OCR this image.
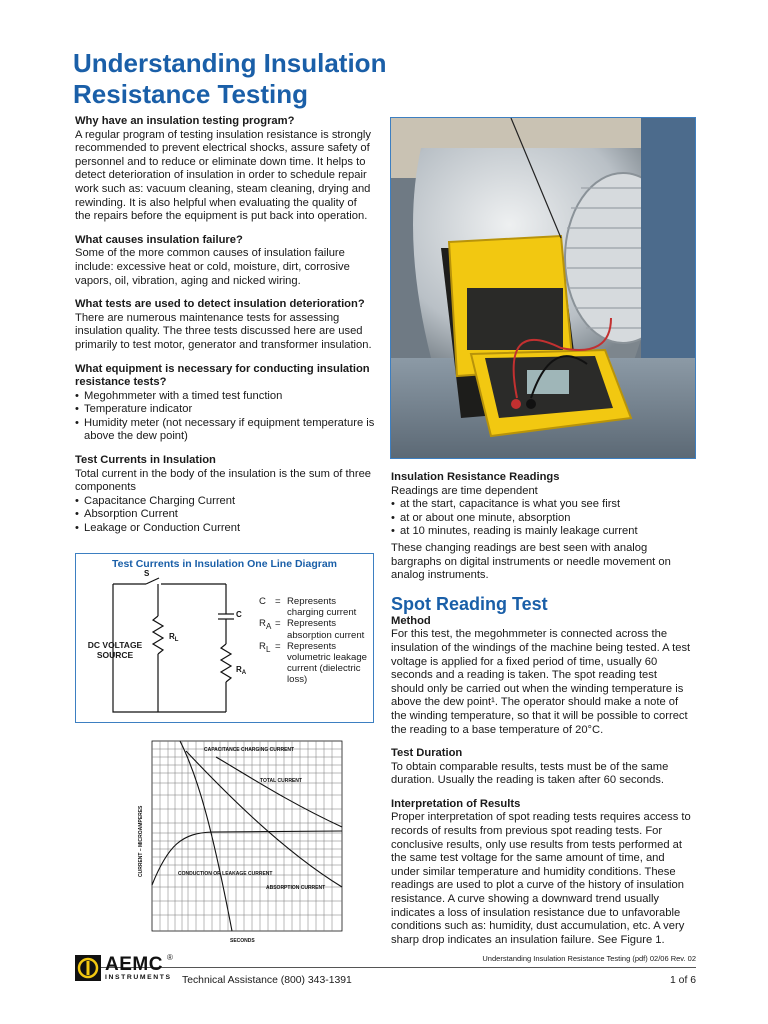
Understanding Insulation
Resistance Testing
Why have an insulation testing program?
A regular program of testing insulation resistance is strongly recommended to prevent electrical shocks, assure safety of personnel and to reduce or eliminate down time. It helps to detect deterioration of insulation in order to schedule repair work such as: vacuum cleaning, steam cleaning, drying and rewinding. It is also helpful when evaluating the quality of the repairs before the equipment is put back into operation.
What causes insulation failure?
Some of the more common causes of insulation failure include: excessive heat or cold, moisture, dirt, corrosive vapors, oil, vibration, aging and nicked wiring.
What tests are used to detect insulation deterioration?
There are numerous maintenance tests for assessing insulation quality. The three tests discussed here are used primarily to test motor, generator and transformer insulation.
What equipment is necessary for conducting insulation resistance tests?
• Megohmmeter with a timed test function
• Temperature indicator
• Humidity meter (not necessary if equipment temperature is above the dew point)
Test Currents in Insulation
Total current in the body of the insulation is the sum of three components
• Capacitance Charging Current
• Absorption Current
• Leakage or Conduction Current
Test Currents in Insulation One Line Diagram
S
$R_L$
C
$R_A$
DC VOLTAGE SOURCE
C = Represents charging current
$R_A$ = Represents absorption current
$R_L$ = Represents volumetric leakage current (dielectric loss)
CAPACITANCE CHARGING CURRENT
TOTAL CURRENT
CONDUCTION OR LEAKAGE CURRENT
ABSORPTION CURRENT
SECONDS
CURRENT – MICROAMPERES
Insulation Resistance Readings
Readings are time dependent
• at the start, capacitance is what you see first
• at or about one minute, absorption
• at 10 minutes, reading is mainly leakage current
These changing readings are best seen with analog bargraphs on digital instruments or needle movement on analog instruments.
Spot Reading Test
Method
For this test, the megohmmeter is connected across the insulation of the windings of the machine being tested. A test voltage is applied for a fixed period of time, usually 60 seconds and a reading is taken. The spot reading test should only be carried out when the winding temperature is above the dew point¹. The operator should make a note of the winding temperature, so that it will be possible to correct the reading to a base temperature of 20°C.
Test Duration
To obtain comparable results, tests must be of the same duration. Usually the reading is taken after 60 seconds.
Interpretation of Results
Proper interpretation of spot reading tests requires access to records of results from previous spot reading tests. For conclusive results, only use results from tests performed at the same test voltage for the same amount of time, and under similar temperature and humidity conditions. These readings are used to plot a curve of the history of insulation resistance. A curve showing a downward trend usually indicates a loss of insulation resistance due to unfavorable conditions such as: humidity, dust accumulation, etc. A very sharp drop indicates an insulation failure. See Figure 1.
Understanding Insulation Resistance Testing (pdf) 02/06 Rev. 02
AEMC ®
INSTRUMENTS Technical Assistance (800) 343-1391	1 of 6
